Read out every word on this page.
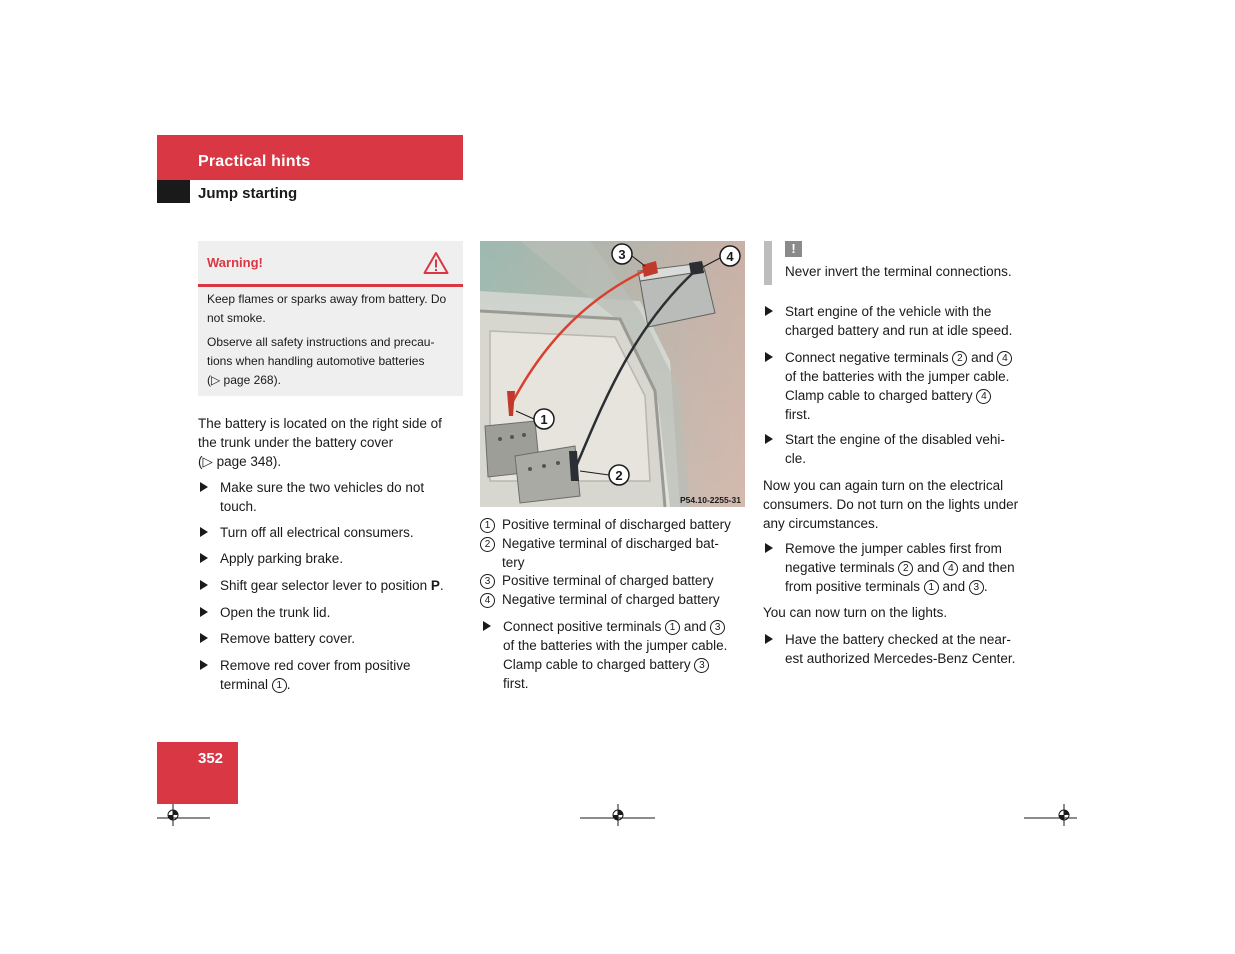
Practical hints
Jump starting
Warning!
Keep flames or sparks away from battery. Do not smoke.
Observe all safety instructions and precau-
tions when handling automotive batteries
(▷ page 268).
The battery is located on the right side of
the trunk under the battery cover
(▷ page 348).
Make sure the two vehicles do not
touch.
Turn off all electrical consumers.
Apply parking brake.
Shift gear selector lever to position P.
Open the trunk lid.
Remove battery cover.
Remove red cover from positive
terminal 1 .
1
2
3	4
P54.10-2255-31
1 Positive terminal of discharged battery
2 Negative terminal of discharged bat-
tery
3 Positive terminal of charged battery
4 Negative terminal of charged battery
Connect positive terminals 1 and 3
of the batteries with the jumper cable.
Clamp cable to charged battery 3
first.
!
Never invert the terminal connections.
Start engine of the vehicle with the
charged battery and run at idle speed.
Connect negative terminals 2 and 4
of the batteries with the jumper cable.
Clamp cable to charged battery 4
first.
Start the engine of the disabled vehi-
cle.
Now you can again turn on the electrical
consumers. Do not turn on the lights under
any circumstances.
Remove the jumper cables first from
negative terminals 2 and 4 and then
from positive terminals 1 and 3 .
You can now turn on the lights.
Have the battery checked at the near-
est authorized Mercedes-Benz Center.
352
